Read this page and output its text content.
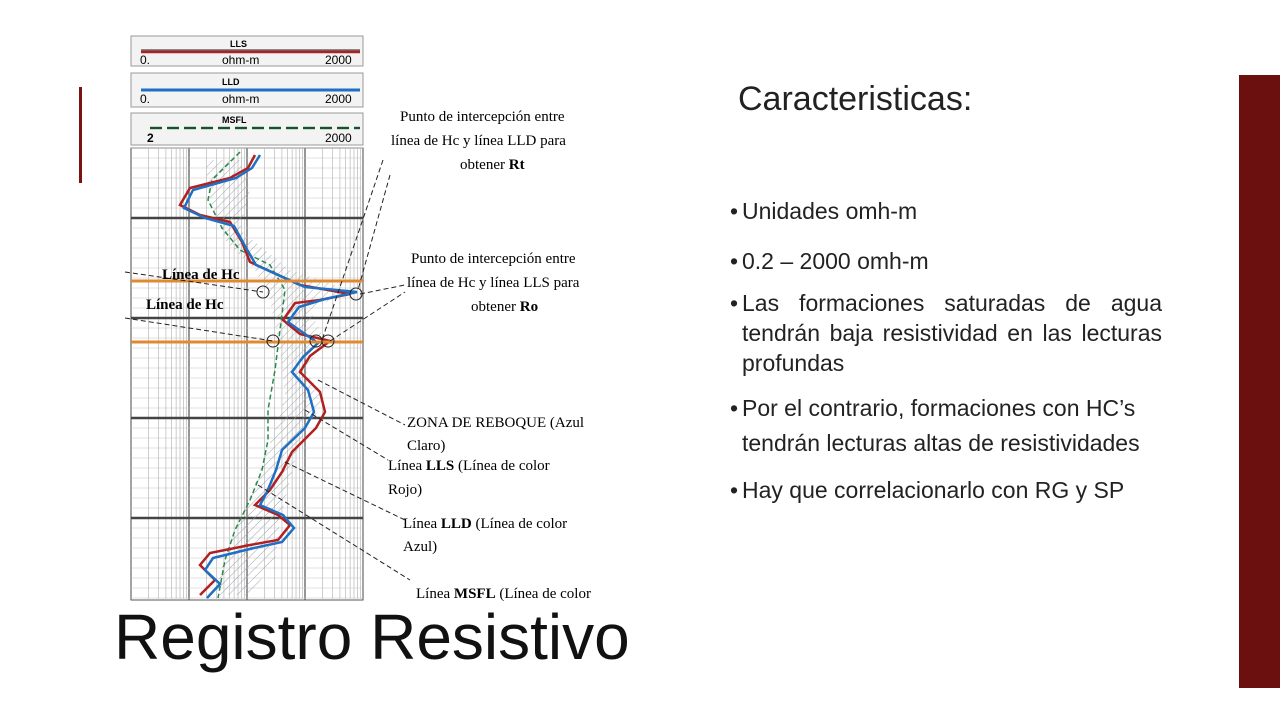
LLS
0.	ohm-m	2000
LLD
0.	ohm-m	2000
MSFL
2	2000
Línea de Hc
Línea de Hc
Punto de intercepción entre
línea de Hc y línea LLD para
obtener Rt
Punto de intercepción entre
línea de Hc y línea LLS para
obtener Ro
ZONA DE REBOQUE (Azul
Claro)
Línea LLS (Línea de color
Rojo)
Línea LLD (Línea de color
Azul)
Línea MSFL (Línea de color
Caracteristicas:
• Unidades omh-m
• 0.2 – 2000 omh-m
• Las formaciones saturadas de agua tendrán baja resistividad en las lecturas profundas
• Por el contrario, formaciones con HC’s tendrán lecturas altas de resistividades
• Hay que correlacionarlo con RG y SP
Registro Resistivo
